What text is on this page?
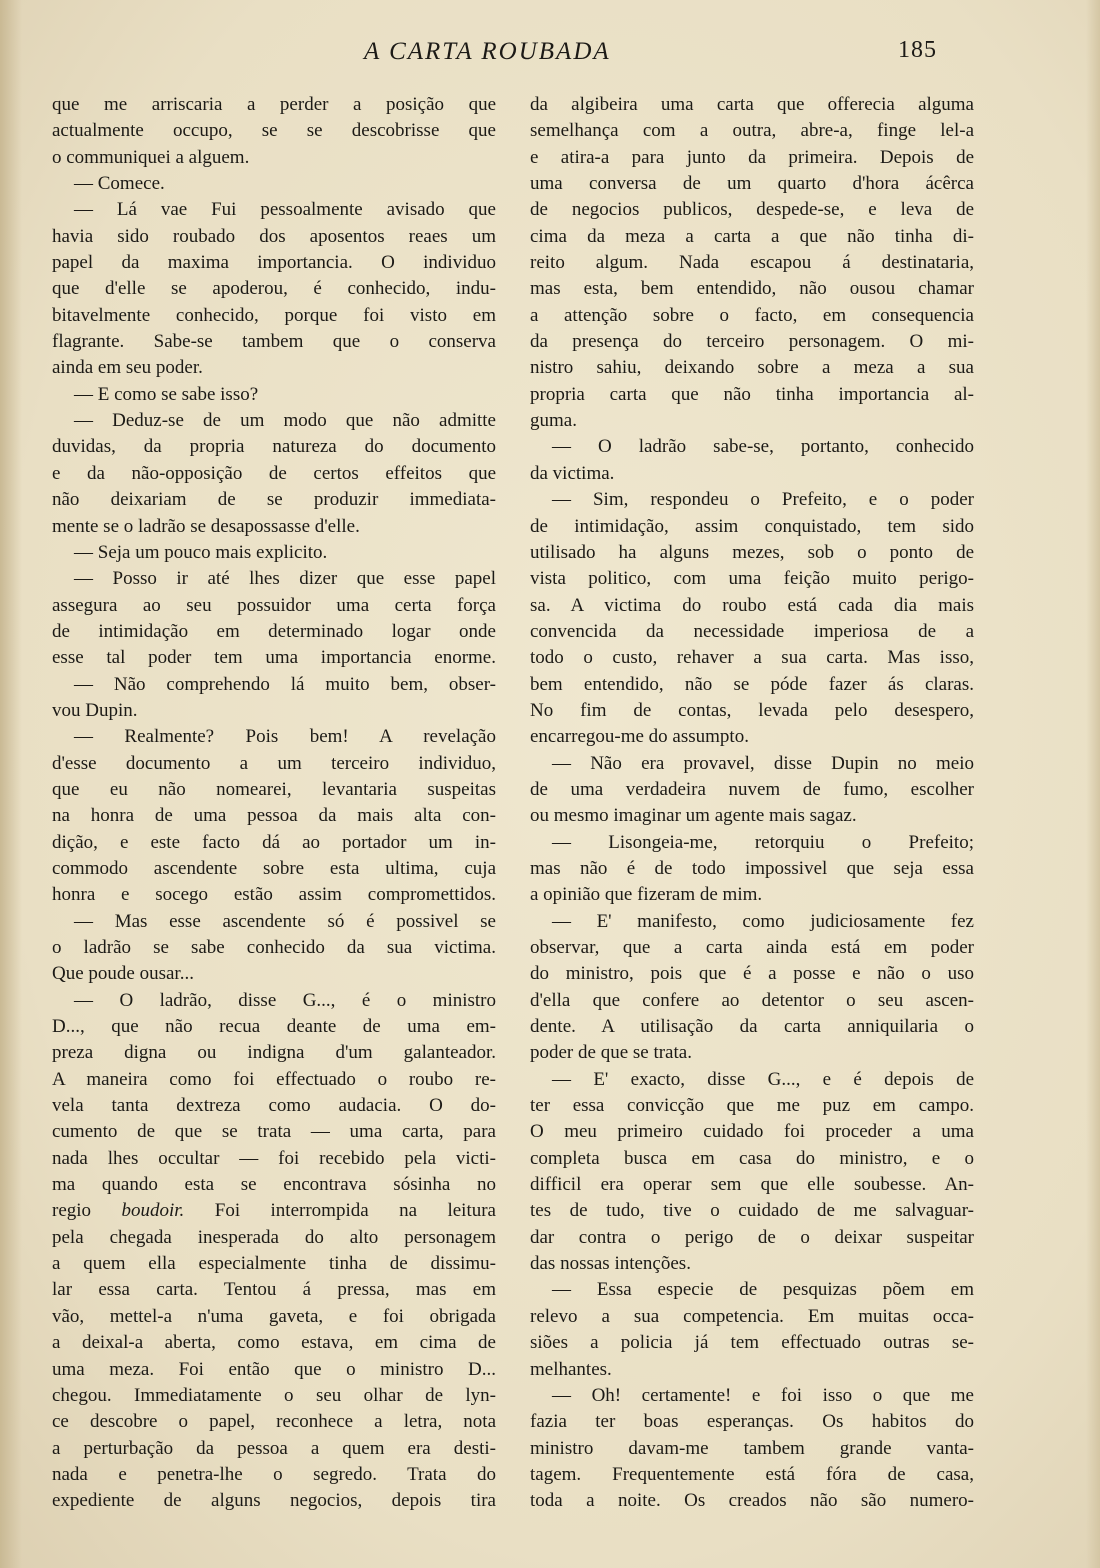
A CARTA ROUBADA	185
que me arriscaria a perder a posição que
actualmente occupo, se se descobrisse que
o communiquei a alguem.
— Comece.
— Lá vae Fui pessoalmente avisado que
havia sido roubado dos aposentos reaes um
papel da maxima importancia. O individuo
que d'elle se apoderou, é conhecido, indu-
bitavelmente conhecido, porque foi visto em
flagrante. Sabe-se tambem que o conserva
ainda em seu poder.
— E como se sabe isso?
— Deduz-se de um modo que não admitte
duvidas, da propria natureza do documento
e da não-opposição de certos effeitos que
não deixariam de se produzir immediata-
mente se o ladrão se desapossasse d'elle.
— Seja um pouco mais explicito.
— Posso ir até lhes dizer que esse papel
assegura ao seu possuidor uma certa força
de intimidação em determinado logar onde
esse tal poder tem uma importancia enorme.
— Não comprehendo lá muito bem, obser-
vou Dupin.
— Realmente? Pois bem! A revelação
d'esse documento a um terceiro individuo,
que eu não nomearei, levantaria suspeitas
na honra de uma pessoa da mais alta con-
dição, e este facto dá ao portador um in-
commodo ascendente sobre esta ultima, cuja
honra e socego estão assim compromettidos.
— Mas esse ascendente só é possivel se
o ladrão se sabe conhecido da sua victima.
Que poude ousar...
— O ladrão, disse G..., é o ministro
D..., que não recua deante de uma em-
preza digna ou indigna d'um galanteador.
A maneira como foi effectuado o roubo re-
vela tanta dextreza como audacia. O do-
cumento de que se trata — uma carta, para
nada lhes occultar — foi recebido pela victi-
ma quando esta se encontrava sósinha no
regio boudoir. Foi interrompida na leitura
pela chegada inesperada do alto personagem
a quem ella especialmente tinha de dissimu-
lar essa carta. Tentou á pressa, mas em
vão, mettel-a n'uma gaveta, e foi obrigada
a deixal-a aberta, como estava, em cima de
uma meza. Foi então que o ministro D...
chegou. Immediatamente o seu olhar de lyn-
ce descobre o papel, reconhece a letra, nota
a perturbação da pessoa a quem era desti-
nada e penetra-lhe o segredo. Trata do
expediente de alguns negocios, depois tira
da algibeira uma carta que offerecia alguma
semelhança com a outra, abre-a, finge lel-a
e atira-a para junto da primeira. Depois de
uma conversa de um quarto d'hora ácêrca
de negocios publicos, despede-se, e leva de
cima da meza a carta a que não tinha di-
reito algum. Nada escapou á destinataria,
mas esta, bem entendido, não ousou chamar
a attenção sobre o facto, em consequencia
da presença do terceiro personagem. O mi-
nistro sahiu, deixando sobre a meza a sua
propria carta que não tinha importancia al-
guma.
— O ladrão sabe-se, portanto, conhecido
da victima.
— Sim, respondeu o Prefeito, e o poder
de intimidação, assim conquistado, tem sido
utilisado ha alguns mezes, sob o ponto de
vista politico, com uma feição muito perigo-
sa. A victima do roubo está cada dia mais
convencida da necessidade imperiosa de a
todo o custo, rehaver a sua carta. Mas isso,
bem entendido, não se póde fazer ás claras.
No fim de contas, levada pelo desespero,
encarregou-me do assumpto.
— Não era provavel, disse Dupin no meio
de uma verdadeira nuvem de fumo, escolher
ou mesmo imaginar um agente mais sagaz.
— Lisongeia-me, retorquiu o Prefeito;
mas não é de todo impossivel que seja essa
a opinião que fizeram de mim.
— E' manifesto, como judiciosamente fez
observar, que a carta ainda está em poder
do ministro, pois que é a posse e não o uso
d'ella que confere ao detentor o seu ascen-
dente. A utilisação da carta anniquilaria o
poder de que se trata.
— E' exacto, disse G..., e é depois de
ter essa convicção que me puz em campo.
O meu primeiro cuidado foi proceder a uma
completa busca em casa do ministro, e o
difficil era operar sem que elle soubesse. An-
tes de tudo, tive o cuidado de me salvaguar-
dar contra o perigo de o deixar suspeitar
das nossas intenções.
— Essa especie de pesquizas põem em
relevo a sua competencia. Em muitas occa-
siões a policia já tem effectuado outras se-
melhantes.
— Oh! certamente! e foi isso o que me
fazia ter boas esperanças. Os habitos do
ministro davam-me tambem grande vanta-
tagem. Frequentemente está fóra de casa,
toda a noite. Os creados não são numero-
